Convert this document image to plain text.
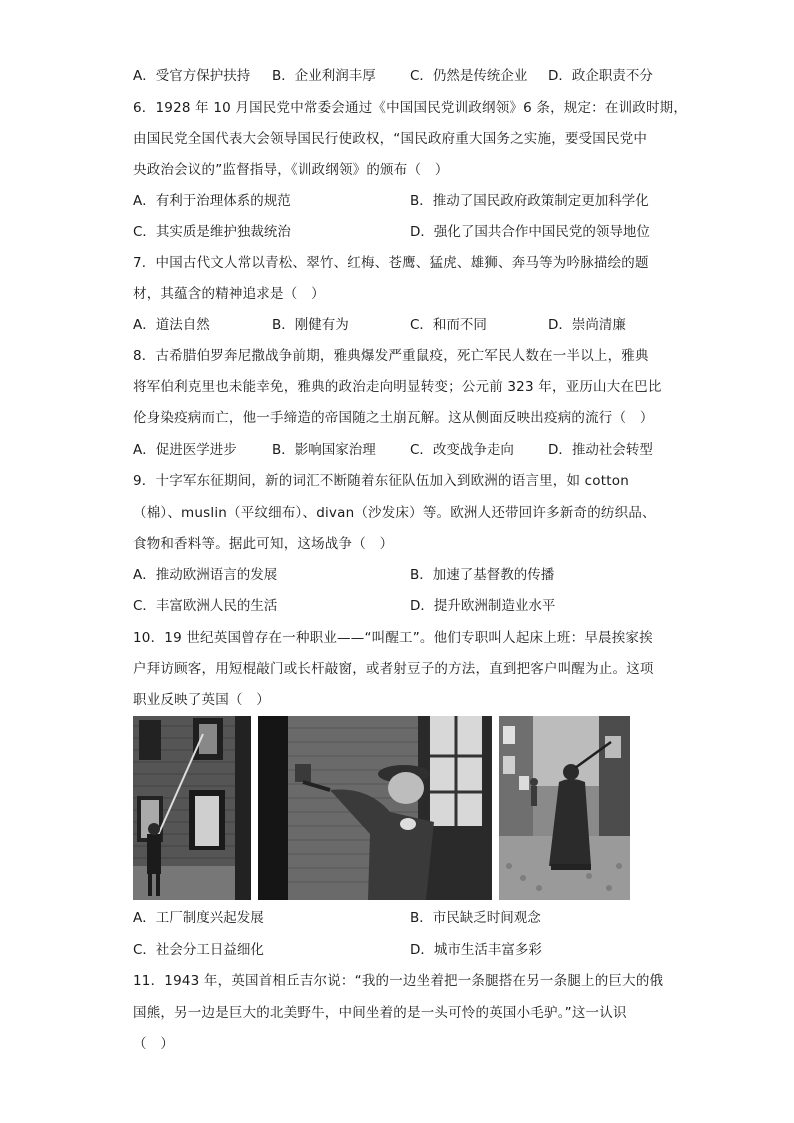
A．受官方保护扶持 B．企业利润丰厚	C．仍然是传统企业 D．政企职责不分
6．1928 年 10 月国民党中常委会通过《中国国民党训政纲领》6 条，规定：在训政时期，
由国民党全国代表大会领导国民行使政权，“国民政府重大国务之实施，要受国民党中
央政治会议的”监督指导，《训政纲领》的颁布（　）
A．有利于治理体系的规范	B．推动了国民政府政策制定更加科学化
C．其实质是维护独裁统治	D．强化了国共合作中国民党的领导地位
7．中国古代文人常以青松、翠竹、红梅、苍鹰、猛虎、雄狮、奔马等为吟脉描绘的题
材，其蕴含的精神追求是（　）
A．道法自然	B．刚健有为	C．和而不同	D．崇尚清廉
8．古希腊伯罗奔尼撒战争前期，雅典爆发严重鼠疫，死亡军民人数在一半以上，雅典
将军伯利克里也未能幸免，雅典的政治走向明显转变；公元前 323 年，亚历山大在巴比
伦身染疫病而亡，他一手缔造的帝国随之土崩瓦解。这从侧面反映出疫病的流行（　）
A．促进医学进步	B．影响国家治理	C．改变战争走向	D．推动社会转型
9．十字军东征期间，新的词汇不断随着东征队伍加入到欧洲的语言里，如 cotton
（棉）、muslin（平纹细布）、divan（沙发床）等。欧洲人还带回许多新奇的纺织品、
食物和香料等。据此可知，这场战争（　）
A．推动欧洲语言的发展	B．加速了基督教的传播
C．丰富欧洲人民的生活	D．提升欧洲制造业水平
10．19 世纪英国曾存在一种职业——“叫醒工”。他们专职叫人起床上班：早晨挨家挨
户拜访顾客，用短棍敲门或长杆敲窗，或者射豆子的方法，直到把客户叫醒为止。这项
职业反映了英国（　）
A．工厂制度兴起发展	B．市民缺乏时间观念
C．社会分工日益细化	D．城市生活丰富多彩
11．1943 年，英国首相丘吉尔说：“我的一边坐着把一条腿搭在另一条腿上的巨大的俄
国熊，另一边是巨大的北美野牛，中间坐着的是一头可怜的英国小毛驴。”这一认识
（　）
